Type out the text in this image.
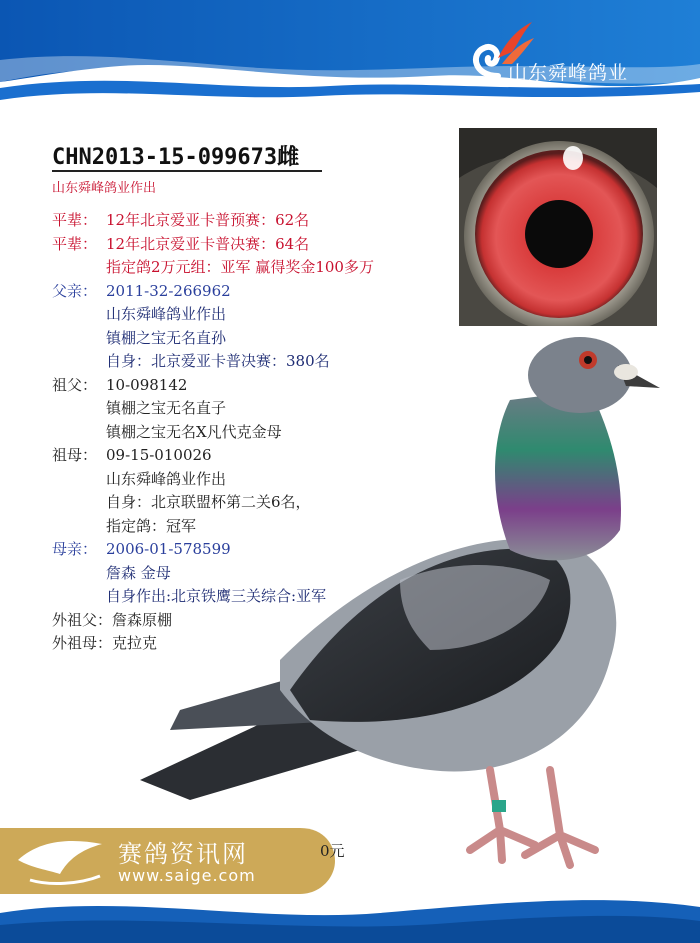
山东舜峰鸽业
CHN2013-15-099673雌
山东舜峰鸽业作出
平辈： 12年北京爱亚卡普预赛：62名
平辈： 12年北京爱亚卡普决赛：64名
指定鸽2万元组：亚军 赢得奖金100多万
父亲： 2011-32-266962
山东舜峰鸽业作出
镇棚之宝无名直孙
自身：北京爱亚卡普决赛：380名
祖父： 10-098142
镇棚之宝无名直子
镇棚之宝无名X凡代克金母
祖母： 09-15-010026
山东舜峰鸽业作出
自身：北京联盟杯第二关6名，
指定鸽：冠军
母亲： 2006-01-578599
詹森 金母
自身作出:北京铁鹰三关综合:亚军
外祖父：詹森原棚
外祖母：克拉克
赛鸽资讯网
www.saige.com
0元
